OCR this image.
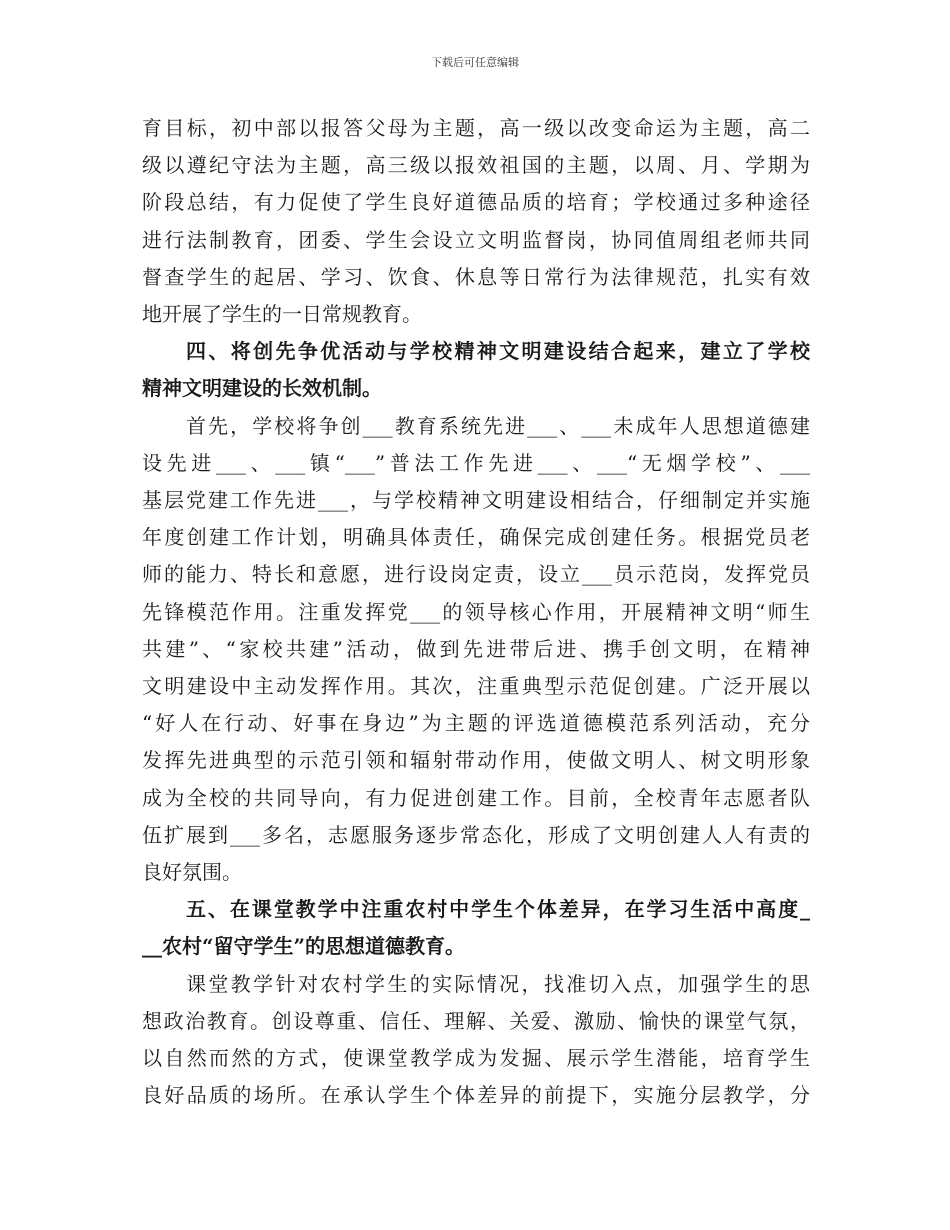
下载后可任意编辑
育目标，初中部以报答父母为主题，高一级以改变命运为主题，高二
级以遵纪守法为主题，高三级以报效祖国的主题，以周、月、学期为
阶段总结，有力促使了学生良好道德品质的培育；学校通过多种途径
进行法制教育，团委、学生会设立文明监督岗，协同值周组老师共同
督查学生的起居、学习、饮食、休息等日常行为法律规范，扎实有效
地开展了学生的一日常规教育。
四、将创先争优活动与学校精神文明建设结合起来，建立了学校
精神文明建设的长效机制。
首先，学校将争创___教育系统先进___、___未成年人思想道德建
设先进___、___镇“___”普法工作先进___、___“无烟学校”、___
基层党建工作先进___，与学校精神文明建设相结合，仔细制定并实施
年度创建工作计划，明确具体责任，确保完成创建任务。根据党员老
师的能力、特长和意愿，进行设岗定责，设立___员示范岗，发挥党员
先锋模范作用。注重发挥党___的领导核心作用，开展精神文明“师生
共建”、“家校共建”活动，做到先进带后进、携手创文明，在精神
文明建设中主动发挥作用。其次，注重典型示范促创建。广泛开展以
“好人在行动、好事在身边”为主题的评选道德模范系列活动，充分
发挥先进典型的示范引领和辐射带动作用，使做文明人、树文明形象
成为全校的共同导向，有力促进创建工作。目前，全校青年志愿者队
伍扩展到___多名，志愿服务逐步常态化，形成了文明创建人人有责的
良好氛围。
五、在课堂教学中注重农村中学生个体差异，在学习生活中高度_
__农村“留守学生”的思想道德教育。
课堂教学针对农村学生的实际情况，找准切入点，加强学生的思
想政治教育。创设尊重、信任、理解、关爱、激励、愉快的课堂气氛，
以自然而然的方式，使课堂教学成为发掘、展示学生潜能，培育学生
良好品质的场所。在承认学生个体差异的前提下，实施分层教学，分
